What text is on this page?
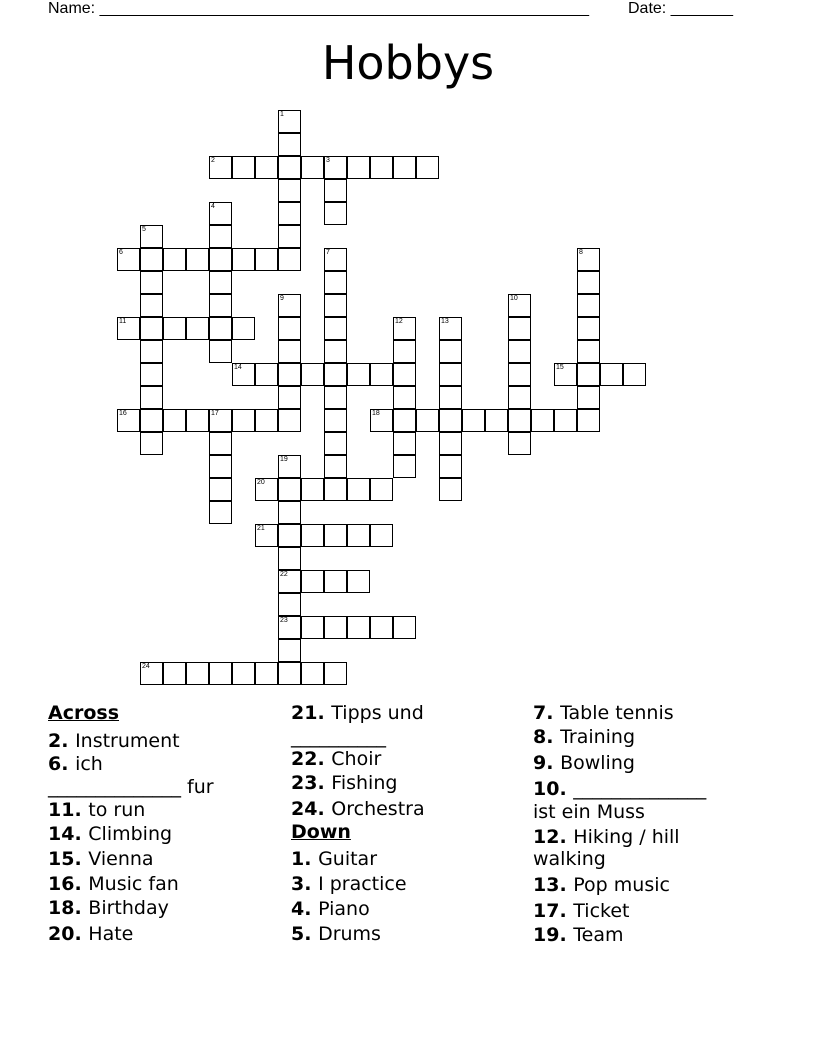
Name: _______________________________________________________ Date: _______
Hobbys
1
2	3
4
5
6	7	8
9	10
11	12	13
14	15
16	17	18
19
22
23
20
21
24
Across
2. Instrument
6. ich
______________ fur
11. to run
14. Climbing
15. Vienna
16. Music fan
18. Birthday
20. Hate
21. Tipps und
__________
22. Choir
23. Fishing
24. Orchestra
Down
1. Guitar
3. I practice
4. Piano
5. Drums
7. Table tennis
8. Training
9. Bowling
10. ______________
ist ein Muss
12. Hiking / hill
walking
13. Pop music
17. Ticket
19. Team
